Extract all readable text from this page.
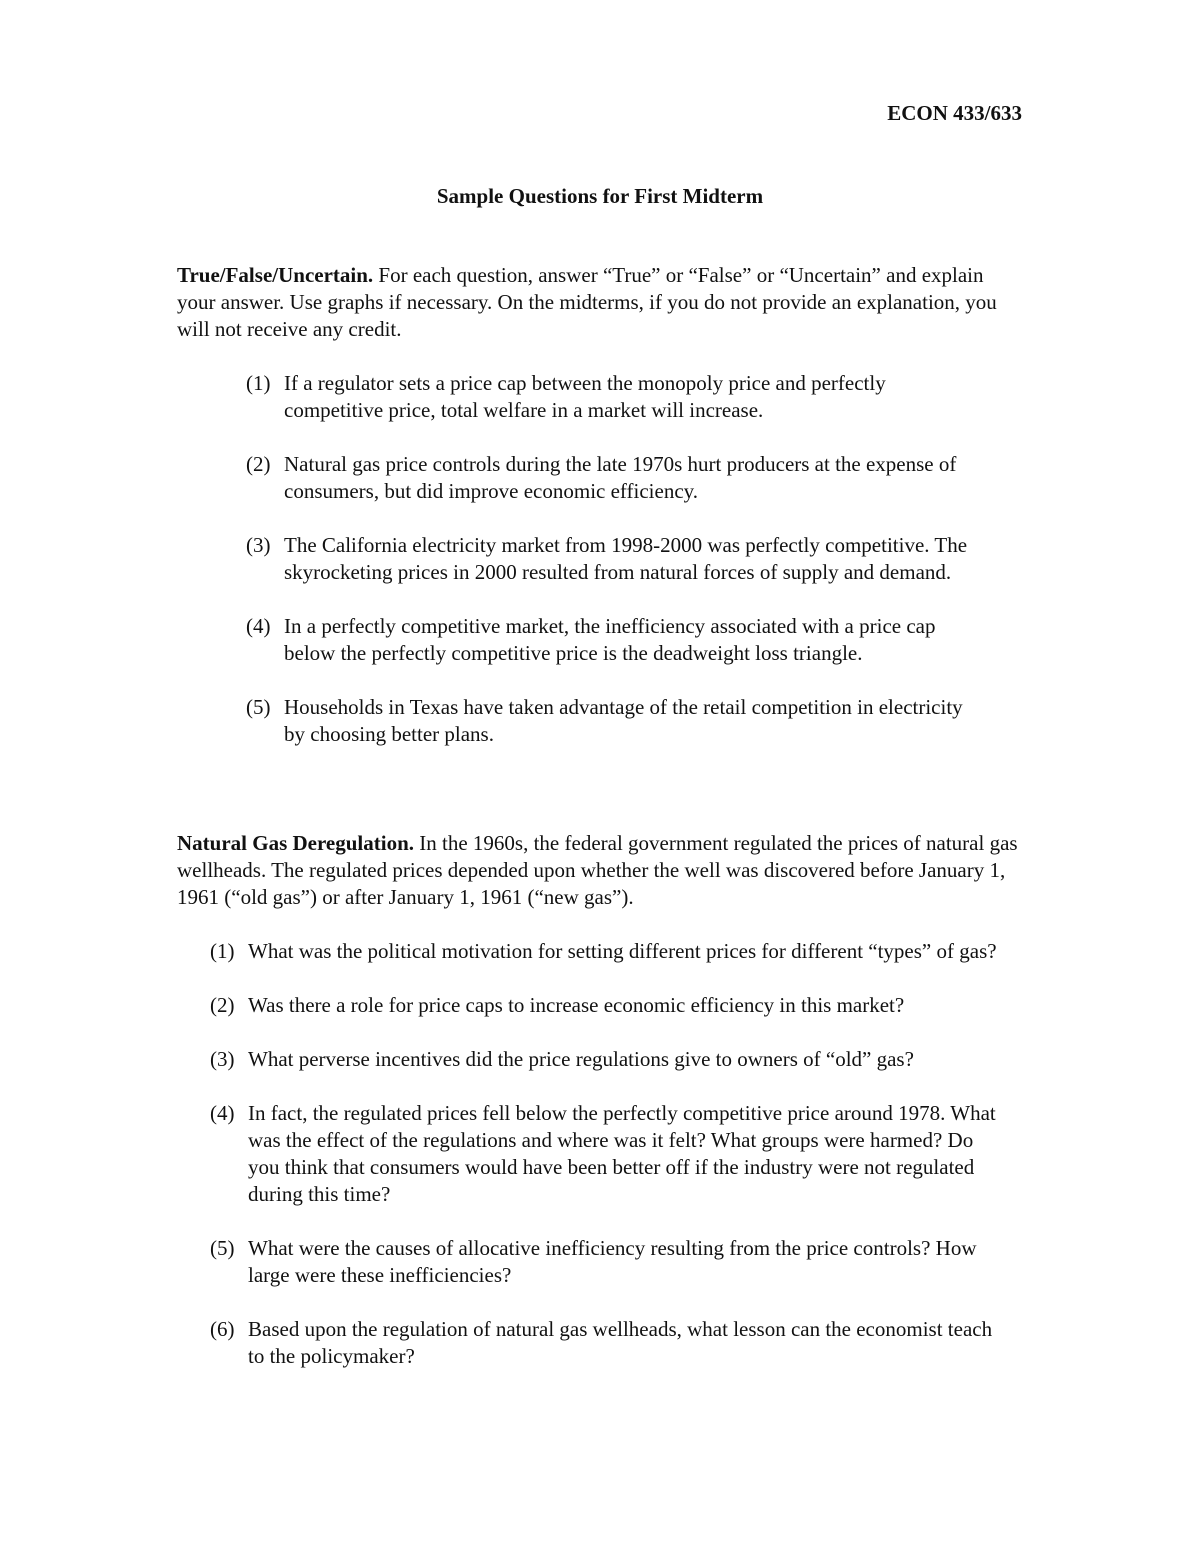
ECON 433/633
Sample Questions for First Midterm

True/False/Uncertain. For each question, answer “True” or “False” or “Uncertain” and explain your answer. Use graphs if necessary. On the midterms, if you do not provide an explanation, you will not receive any credit.

(1) If a regulator sets a price cap between the monopoly price and perfectly competitive price, total welfare in a market will increase.
(2) Natural gas price controls during the late 1970s hurt producers at the expense of consumers, but did improve economic efficiency.
(3) The California electricity market from 1998-2000 was perfectly competitive. The skyrocketing prices in 2000 resulted from natural forces of supply and demand.
(4) In a perfectly competitive market, the inefficiency associated with a price cap below the perfectly competitive price is the deadweight loss triangle.
(5) Households in Texas have taken advantage of the retail competition in electricity by choosing better plans.

Natural Gas Deregulation. In the 1960s, the federal government regulated the prices of natural gas wellheads. The regulated prices depended upon whether the well was discovered before January 1, 1961 (“old gas”) or after January 1, 1961 (“new gas”).

(1) What was the political motivation for setting different prices for different “types” of gas?
(2) Was there a role for price caps to increase economic efficiency in this market?
(3) What perverse incentives did the price regulations give to owners of “old” gas?
(4) In fact, the regulated prices fell below the perfectly competitive price around 1978. What was the effect of the regulations and where was it felt? What groups were harmed? Do you think that consumers would have been better off if the industry were not regulated during this time?
(5) What were the causes of allocative inefficiency resulting from the price controls? How large were these inefficiencies?
(6) Based upon the regulation of natural gas wellheads, what lesson can the economist teach to the policymaker?
